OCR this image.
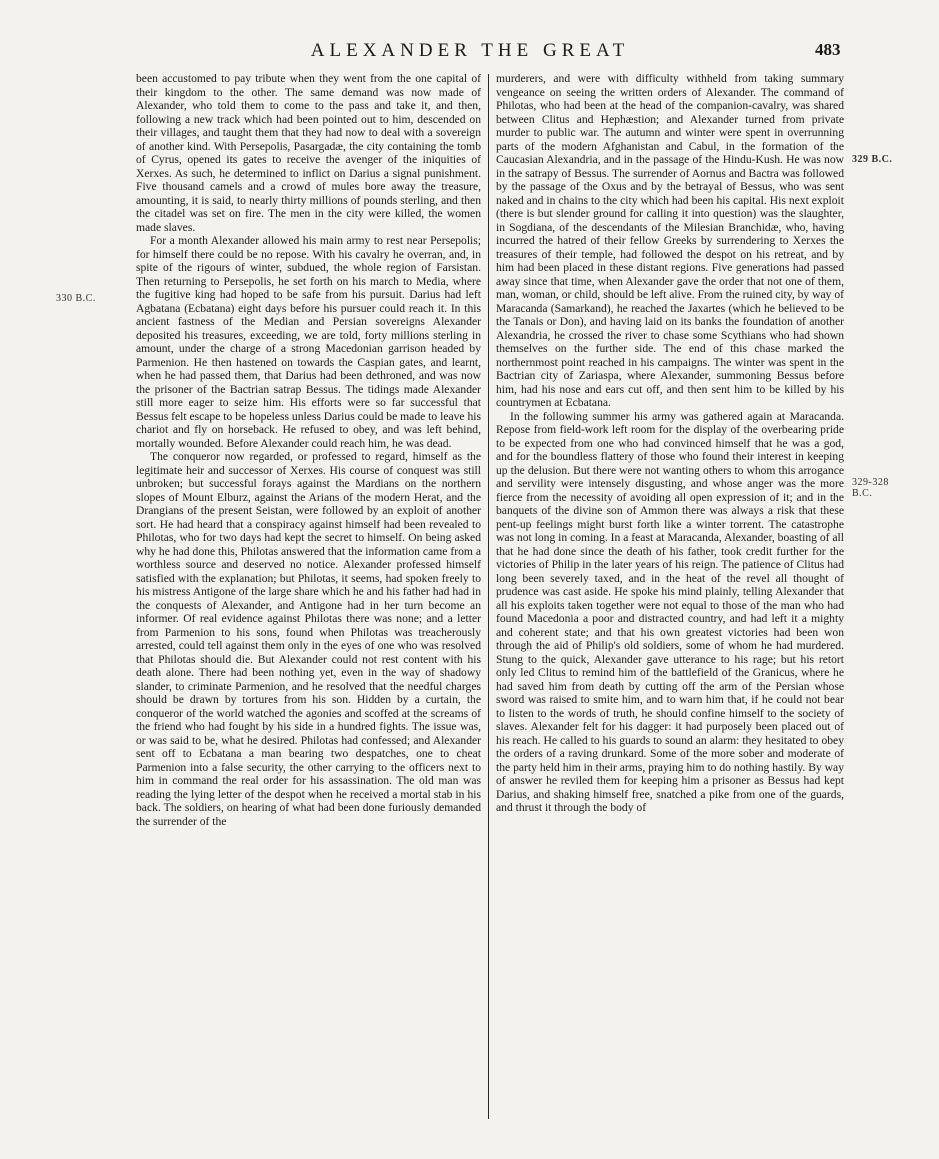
ALEXANDER THE GREAT	483
330 B.C.
329 B.C.
329-328 B.C.

been accustomed to pay tribute when they went from the one capital of their kingdom to the other. The same demand was now made of Alexander, who told them to come to the pass and take it, and then, following a new track which had been pointed out to him, descended on their villages, and taught them that they had now to deal with a sovereign of another kind. With Persepolis, Pasargadæ, the city containing the tomb of Cyrus, opened its gates to receive the avenger of the iniquities of Xerxes. As such, he determined to inflict on Darius a signal punishment. Five thousand camels and a crowd of mules bore away the treasure, amounting, it is said, to nearly thirty millions of pounds sterling, and then the citadel was set on fire. The men in the city were killed, the women made slaves.

For a month Alexander allowed his main army to rest near Persepolis; for himself there could be no repose. With his cavalry he overran, and, in spite of the rigours of winter, subdued, the whole region of Farsistan. Then returning to Persepolis, he set forth on his march to Media, where the fugitive king had hoped to be safe from his pursuit. Darius had left Agbatana (Ecbatana) eight days before his pursuer could reach it. In this ancient fastness of the Median and Persian sovereigns Alexander deposited his treasures, exceeding, we are told, forty millions sterling in amount, under the charge of a strong Macedonian garrison headed by Parmenion. He then hastened on towards the Caspian gates, and learnt, when he had passed them, that Darius had been dethroned, and was now the prisoner of the Bactrian satrap Bessus. The tidings made Alexander still more eager to seize him. His efforts were so far successful that Bessus felt escape to be hopeless unless Darius could be made to leave his chariot and fly on horseback. He refused to obey, and was left behind, mortally wounded. Before Alexander could reach him, he was dead.

The conqueror now regarded, or professed to regard, himself as the legitimate heir and successor of Xerxes. His course of conquest was still unbroken; but successful forays against the Mardians on the northern slopes of Mount Elburz, against the Arians of the modern Herat, and the Drangians of the present Seistan, were followed by an exploit of another sort. He had heard that a conspiracy against himself had been revealed to Philotas, who for two days had kept the secret to himself. On being asked why he had done this, Philotas answered that the information came from a worthless source and deserved no notice. Alexander professed himself satisfied with the explanation; but Philotas, it seems, had spoken freely to his mistress Antigone of the large share which he and his father had had in the conquests of Alexander, and Antigone had in her turn become an informer. Of real evidence against Philotas there was none; and a letter from Parmenion to his sons, found when Philotas was treacherously arrested, could tell against them only in the eyes of one who was resolved that Philotas should die. But Alexander could not rest content with his death alone. There had been nothing yet, even in the way of shadowy slander, to criminate Parmenion, and he resolved that the needful charges should be drawn by tortures from his son. Hidden by a curtain, the conqueror of the world watched the agonies and scoffed at the screams of the friend who had fought by his side in a hundred fights. The issue was, or was said to be, what he desired. Philotas had confessed; and Alexander sent off to Ecbatana a man bearing two despatches, one to cheat Parmenion into a false security, the other carrying to the officers next to him in command the real order for his assassination. The old man was reading the lying letter of the despot when he received a mortal stab in his back. The soldiers, on hearing of what had been done furiously demanded the surrender of the

murderers, and were with difficulty withheld from taking summary vengeance on seeing the written orders of Alexander. The command of Philotas, who had been at the head of the companion-cavalry, was shared between Clitus and Hephæstion; and Alexander turned from private murder to public war. The autumn and winter were spent in overrunning parts of the modern Afghanistan and Cabul, in the formation of the Caucasian Alexandria, and in the passage of the Hindu-Kush. He was now in the satrapy of Bessus. The surrender of Aornus and Bactra was followed by the passage of the Oxus and by the betrayal of Bessus, who was sent naked and in chains to the city which had been his capital. His next exploit (there is but slender ground for calling it into question) was the slaughter, in Sogdiana, of the descendants of the Milesian Branchidæ, who, having incurred the hatred of their fellow Greeks by surrendering to Xerxes the treasures of their temple, had followed the despot on his retreat, and by him had been placed in these distant regions. Five generations had passed away since that time, when Alexander gave the order that not one of them, man, woman, or child, should be left alive. From the ruined city, by way of Maracanda (Samarkand), he reached the Jaxartes (which he believed to be the Tanais or Don), and having laid on its banks the foundation of another Alexandria, he crossed the river to chase some Scythians who had shown themselves on the further side. The end of this chase marked the northernmost point reached in his campaigns. The winter was spent in the Bactrian city of Zariaspa, where Alexander, summoning Bessus before him, had his nose and ears cut off, and then sent him to be killed by his countrymen at Ecbatana.

In the following summer his army was gathered again at Maracanda. Repose from field-work left room for the display of the overbearing pride to be expected from one who had convinced himself that he was a god, and for the boundless flattery of those who found their interest in keeping up the delusion. But there were not wanting others to whom this arrogance and servility were intensely disgusting, and whose anger was the more fierce from the necessity of avoiding all open expression of it; and in the banquets of the divine son of Ammon there was always a risk that these pent-up feelings might burst forth like a winter torrent. The catastrophe was not long in coming. In a feast at Maracanda, Alexander, boasting of all that he had done since the death of his father, took credit further for the victories of Philip in the later years of his reign. The patience of Clitus had long been severely taxed, and in the heat of the revel all thought of prudence was cast aside. He spoke his mind plainly, telling Alexander that all his exploits taken together were not equal to those of the man who had found Macedonia a poor and distracted country, and had left it a mighty and coherent state; and that his own greatest victories had been won through the aid of Philip's old soldiers, some of whom he had murdered. Stung to the quick, Alexander gave utterance to his rage; but his retort only led Clitus to remind him of the battlefield of the Granicus, where he had saved him from death by cutting off the arm of the Persian whose sword was raised to smite him, and to warn him that, if he could not bear to listen to the words of truth, he should confine himself to the society of slaves. Alexander felt for his dagger: it had purposely been placed out of his reach. He called to his guards to sound an alarm: they hesitated to obey the orders of a raving drunkard. Some of the more sober and moderate of the party held him in their arms, praying him to do nothing hastily. By way of answer he reviled them for keeping him a prisoner as Bessus had kept Darius, and shaking himself free, snatched a pike from one of the guards, and thrust it through the body of
